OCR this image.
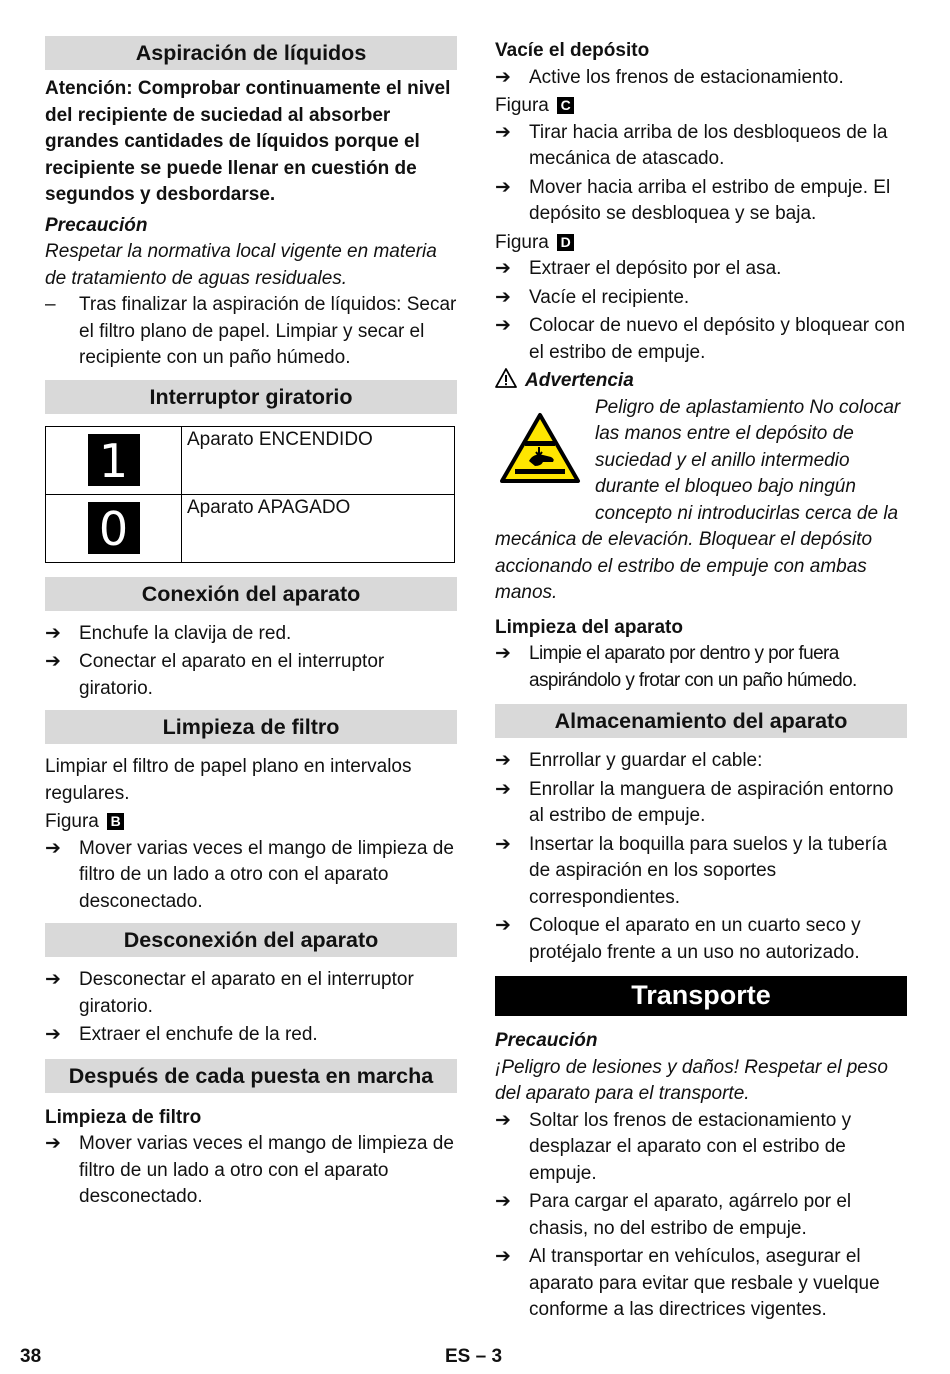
Aspiración de líquidos
Atención: Comprobar continuamente el nivel del recipiente de suciedad al absorber grandes cantidades de líquidos porque el recipiente se puede llenar en cuestión de segundos y desbordarse.
Precaución
Respetar la normativa local vigente en materia de tratamiento de aguas residuales.
– Tras finalizar la aspiración de líquidos: Secar el filtro plano de papel. Limpiar y secar el recipiente con un paño húmedo.
Interruptor giratorio
1	Aparato ENCENDIDO
0	Aparato APAGADO
Conexión del aparato
➔ Enchufe la clavija de red.
➔ Conectar el aparato en el interruptor giratorio.
Limpieza de filtro
Limpiar el filtro de papel plano en intervalos regulares.
Figura B
➔ Mover varias veces el mango de limpieza de filtro de un lado a otro con el aparato desconectado.
Desconexión del aparato
➔ Desconectar el aparato en el interruptor giratorio.
➔ Extraer el enchufe de la red.
Después de cada puesta en marcha
Limpieza de filtro
➔ Mover varias veces el mango de limpieza de filtro de un lado a otro con el aparato desconectado.
Vacíe el depósito
➔ Active los frenos de estacionamiento.
Figura C
➔ Tirar hacia arriba de los desbloqueos de la mecánica de atascado.
➔ Mover hacia arriba el estribo de empuje. El depósito se desbloquea y se baja.
Figura D
➔ Extraer el depósito por el asa.
➔ Vacíe el recipiente.
➔ Colocar de nuevo el depósito y bloquear con el estribo de empuje.
Advertencia
Peligro de aplastamiento No colocar las manos entre el depósito de suciedad y el anillo intermedio durante el bloqueo bajo ningún concepto ni introducirlas cerca de la mecánica de elevación. Bloquear el depósito accionando el estribo de empuje con ambas manos.
Limpieza del aparato
➔ Limpie el aparato por dentro y por fuera aspirándolo y frotar con un paño húmedo.
Almacenamiento del aparato
➔ Enrrollar y guardar el cable:
➔ Enrollar la manguera de aspiración entorno al estribo de empuje.
➔ Insertar la boquilla para suelos y la tubería de aspiración en los soportes correspondientes.
➔ Coloque el aparato en un cuarto seco y protéjalo frente a un uso no autorizado.
Transporte
Precaución
¡Peligro de lesiones y daños! Respetar el peso del aparato para el transporte.
➔ Soltar los frenos de estacionamiento y desplazar el aparato con el estribo de empuje.
➔ Para cargar el aparato, agárrelo por el chasis, no del estribo de empuje.
➔ Al transportar en vehículos, asegurar el aparato para evitar que resbale y vuelque conforme a las directrices vigentes.
38	ES – 3
